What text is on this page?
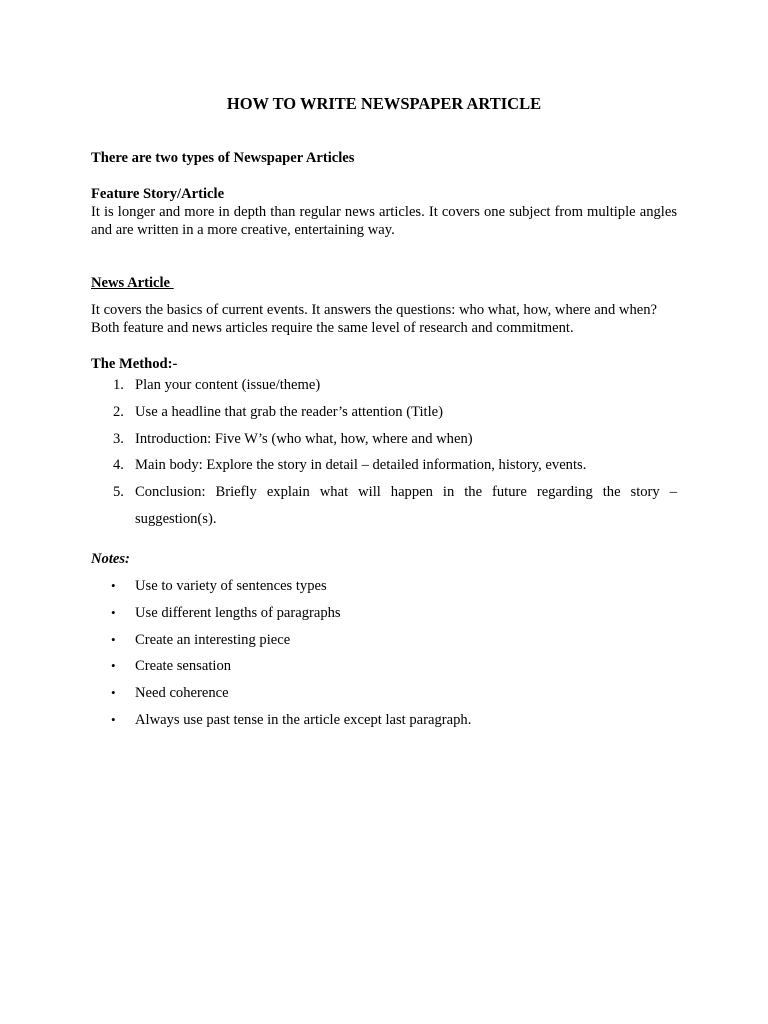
HOW TO WRITE NEWSPAPER ARTICLE
There are two types of Newspaper Articles
Feature Story/Article
It is longer and more in depth than regular news articles. It covers one subject from multiple angles and are written in a more creative, entertaining way.
News Article
It covers the basics of current events. It answers the questions: who what, how, where and when? Both feature and news articles require the same level of research and commitment.
The Method:-
1. Plan your content (issue/theme)
2. Use a headline that grab the reader’s attention (Title)
3. Introduction: Five W’s (who what, how, where and when)
4. Main body: Explore the story in detail – detailed information, history, events.
5. Conclusion: Briefly explain what will happen in the future regarding the story – suggestion(s).
Notes:
• Use to variety of sentences types
• Use different lengths of paragraphs
• Create an interesting piece
• Create sensation
• Need coherence
• Always use past tense in the article except last paragraph.
